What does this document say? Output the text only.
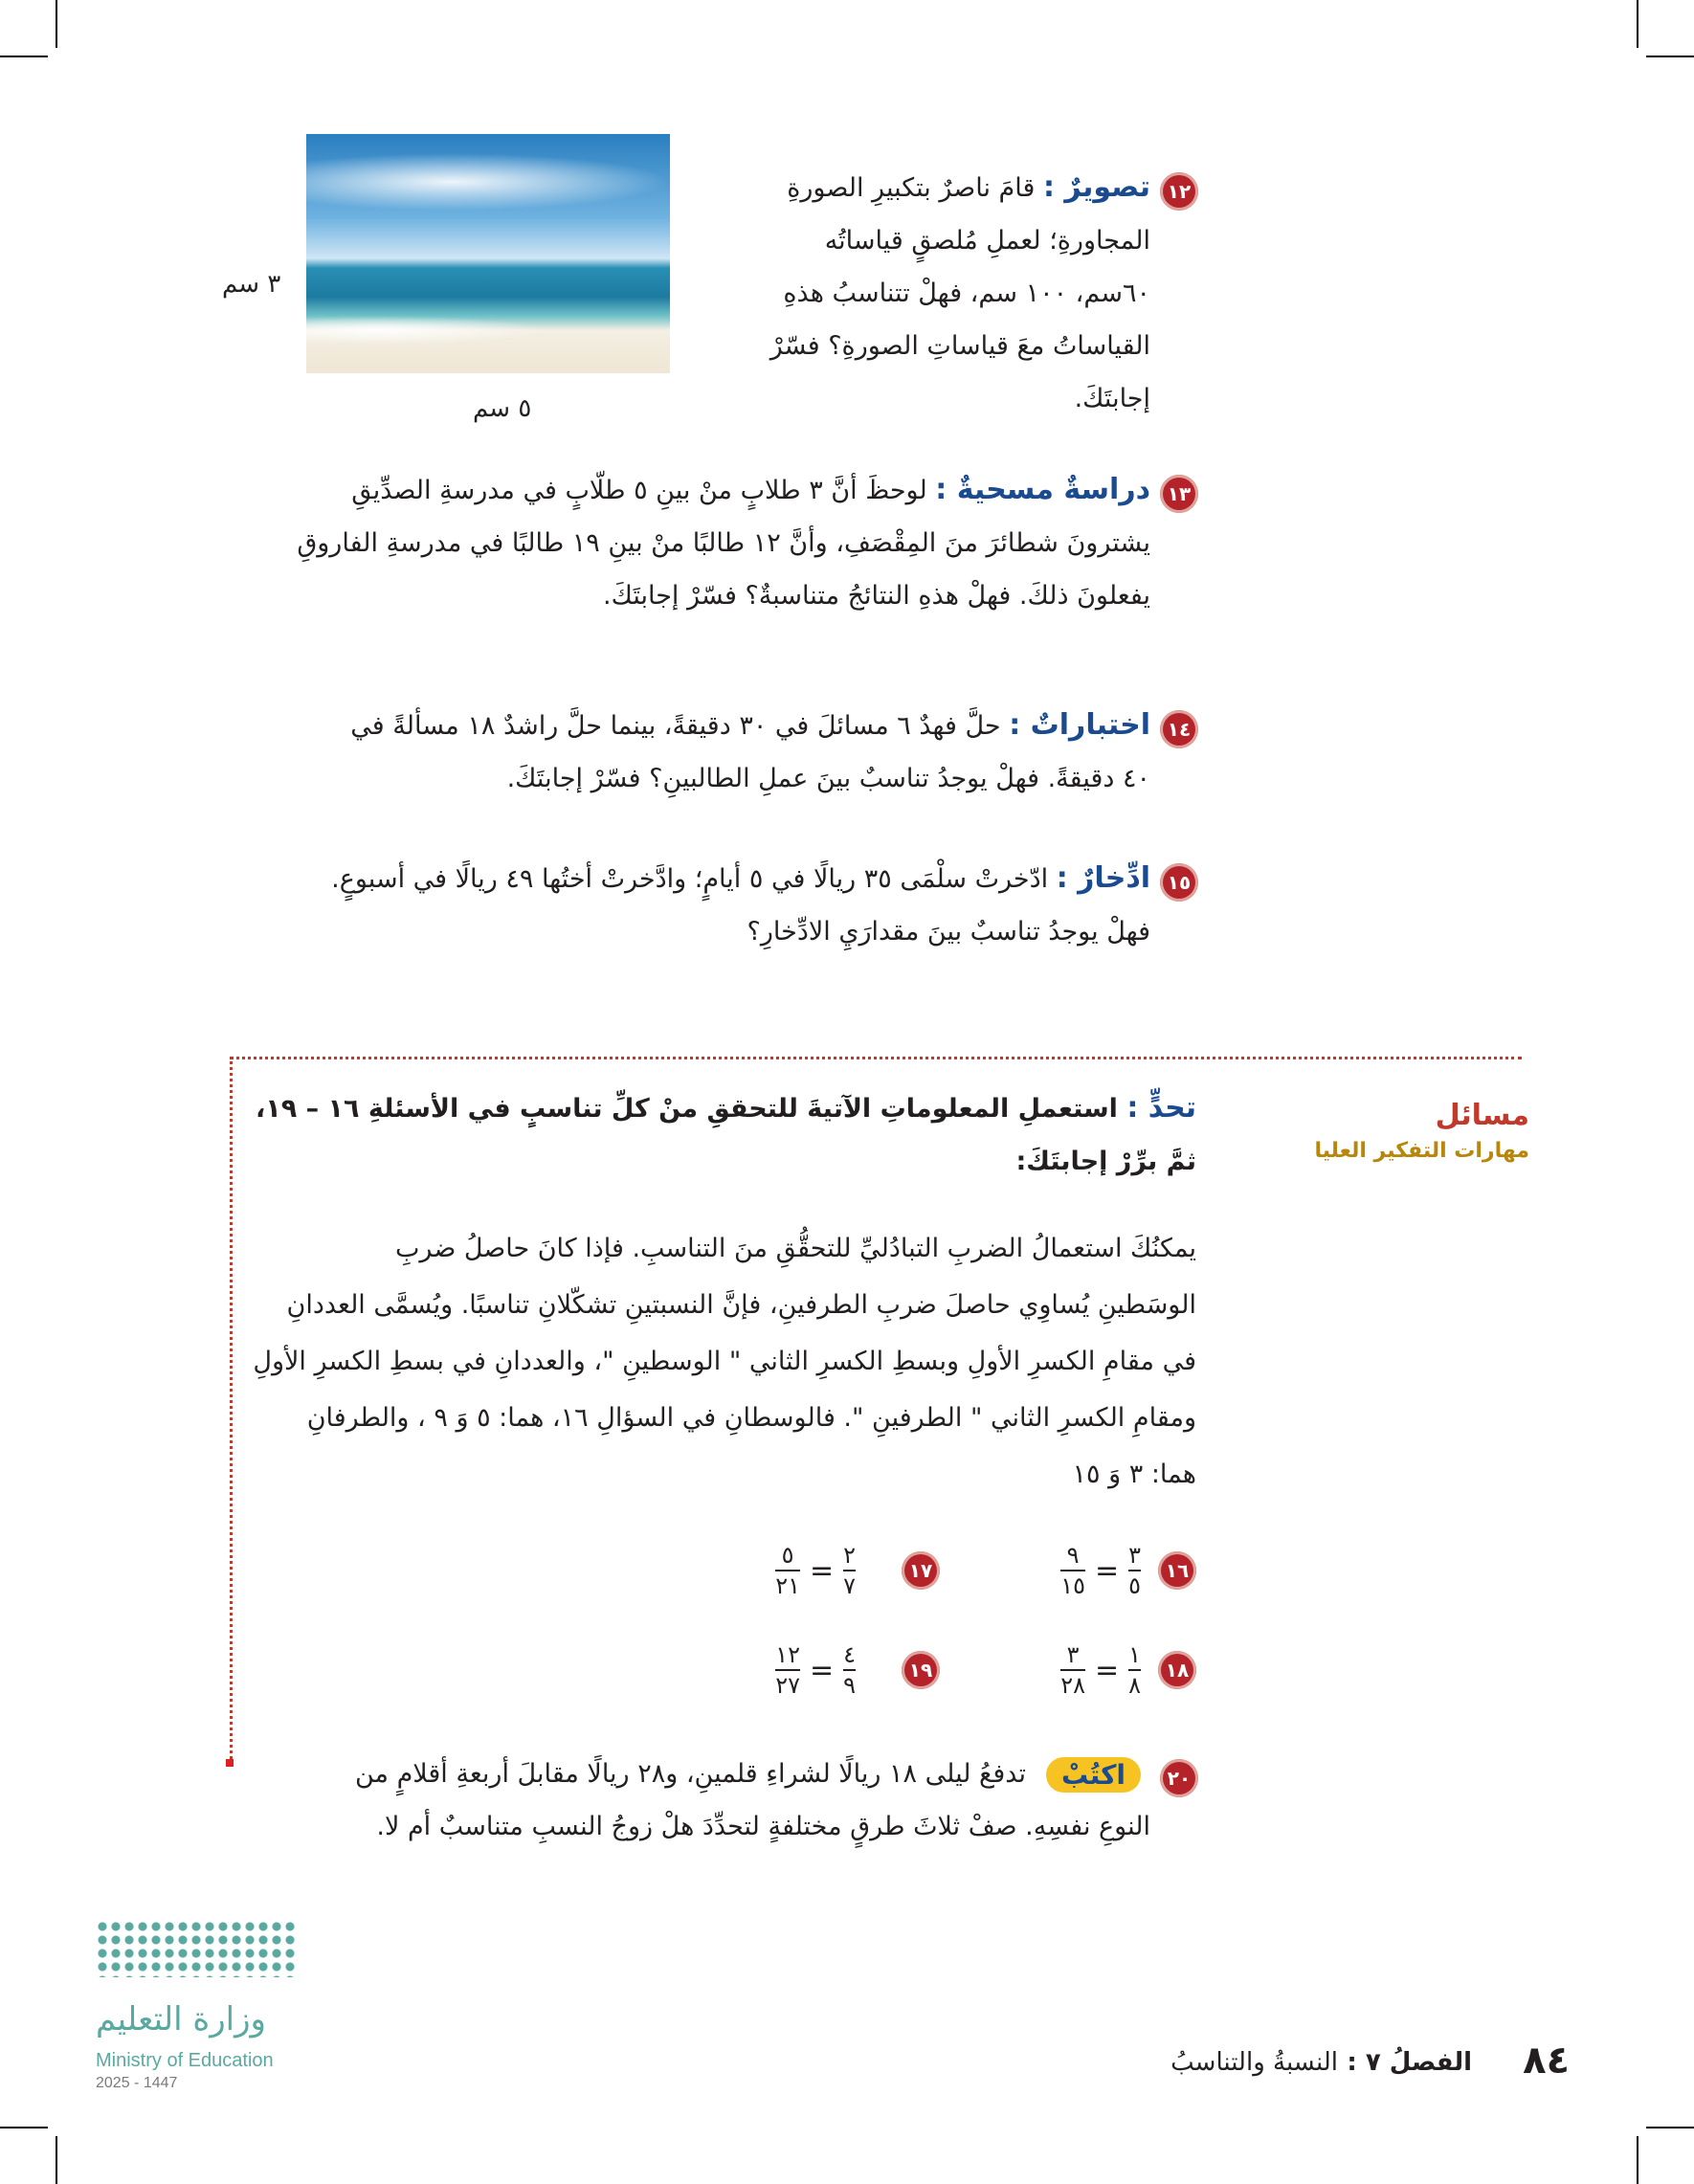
١٢
تصويرٌ : قامَ ناصرٌ بتكبيرِ الصورةِ
المجاورةِ؛ لعملِ مُلصقٍ قياساتُه
٦٠سم، ١٠٠ سم، فهلْ تتناسبُ هذهِ
القياساتُ معَ قياساتِ الصورةِ؟ فسّرْ
إجابتَكَ.
٣ سم
٥ سم
١٣
دراسةٌ مسحيةٌ : لوحظَ أنَّ ٣ طلابٍ منْ بينِ ٥ طلّابٍ في مدرسةِ الصدِّيقِ
يشترونَ شطائرَ منَ المِقْصَفِ، وأنَّ ١٢ طالبًا منْ بينِ ١٩ طالبًا في مدرسةِ الفاروقِ
يفعلونَ ذلكَ. فهلْ هذهِ النتائجُ متناسبةٌ؟ فسّرْ إجابتَكَ.
١٤
اختباراتٌ : حلَّ فهدٌ ٦ مسائلَ في ٣٠ دقيقةً، بينما حلَّ راشدٌ ١٨ مسألةً في
٤٠ دقيقةً. فهلْ يوجدُ تناسبٌ بينَ عملِ الطالبينِ؟ فسّرْ إجابتَكَ.
١٥
ادِّخارٌ : ادّخرتْ سلْمَى ٣٥ ريالًا في ٥ أيامٍ؛ وادَّخرتْ أختُها ٤٩ ريالًا في أسبوعٍ.
فهلْ يوجدُ تناسبٌ بينَ مقدارَيِ الادِّخارِ؟
مسائل
مهارات التفكير العليا
تحدٍّ : استعملِ المعلوماتِ الآتيةَ للتحققِ منْ كلِّ تناسبٍ في الأسئلةِ ١٦ – ١٩،
ثمَّ برِّرْ إجابتَكَ:
يمكنُكَ استعمالُ الضربِ التبادُليِّ للتحقُّقِ منَ التناسبِ. فإذا كانَ حاصلُ ضربِ
الوسَطينِ يُساوِي حاصلَ ضربِ الطرفينِ، فإنَّ النسبتينِ تشكّلانِ تناسبًا. ويُسمَّى العددانِ
في مقامِ الكسرِ الأولِ وبسطِ الكسرِ الثاني " الوسطينِ "، والعددانِ في بسطِ الكسرِ الأولِ
ومقامِ الكسرِ الثاني " الطرفينِ ". فالوسطانِ في السؤالِ ١٦، هما: ٥ وَ ٩ ، والطرفانِ
هما: ٣ وَ ١٥
١٦
$\frac{٣}{٥}$
=
$\frac{٩}{١٥}$
١٧
$\frac{٢}{٧}$
=
$\frac{٥}{٢١}$
١٨
$\frac{١}{٨}$
=
$\frac{٣}{٢٨}$
١٩
$\frac{٤}{٩}$
=
$\frac{١٢}{٢٧}$
٢٠
اكتُبْ
تدفعُ ليلى ١٨ ريالًا لشراءِ قلمينِ، و٢٨ ريالًا مقابلَ أربعةِ أقلامٍ من
النوعِ نفسِهِ. صفْ ثلاثَ طرقٍ مختلفةٍ لتحدِّدَ هلْ زوجُ النسبِ متناسبٌ أم لا.
وزارة التعليم
Ministry of Education
2025 - 1447
٨٤
الفصلُ ٧ :
النسبةُ والتناسبُ
